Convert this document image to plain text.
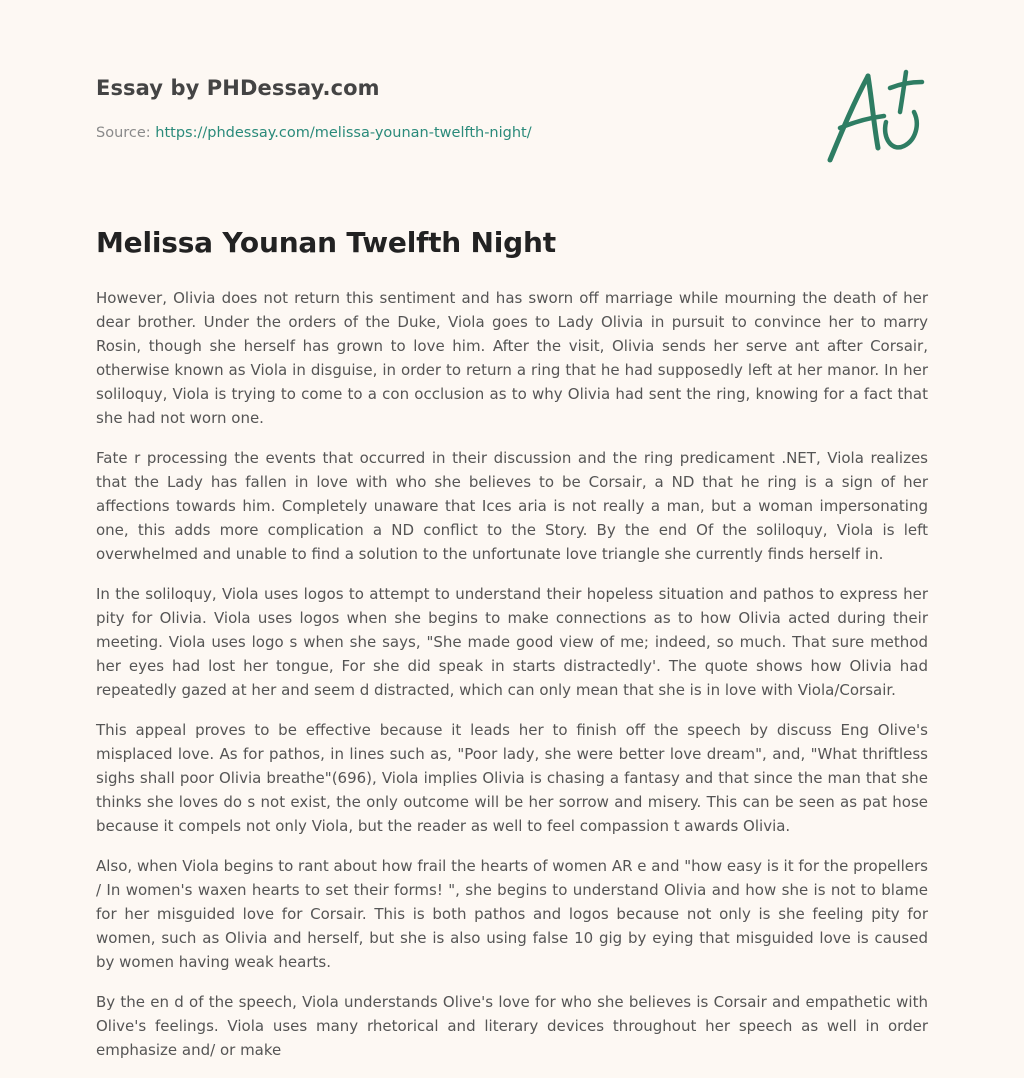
Essay by PHDessay.com
Source: https://phdessay.com/melissa-younan-twelfth-night/
Melissa Younan Twelfth Night

However, Olivia does not return this sentiment and has sworn off marriage while mourning the death of her dear brother. Under the orders of the Duke, Viola goes to Lady Olivia in pursuit to convince her to marry Rosin, though she herself has grown to love him. After the visit, Olivia sends her serve ant after Corsair, otherwise known as Viola in disguise, in order to return a ring that he had supposedly left at her manor. In her soliloquy, Viola is trying to come to a con occlusion as to why Olivia had sent the ring, knowing for a fact that she had not worn one.

Fate r processing the events that occurred in their discussion and the ring predicament .NET, Viola realizes that the Lady has fallen in love with who she believes to be Corsair, a ND that he ring is a sign of her affections towards him. Completely unaware that Ices aria is not really a man, but a woman impersonating one, this adds more complication a ND conflict to the Story. By the end Of the soliloquy, Viola is left overwhelmed and unable to find a solution to the unfortunate love triangle she currently finds herself in.

In the soliloquy, Viola uses logos to attempt to understand their hopeless situation and pathos to express her pity for Olivia. Viola uses logos when she begins to make connections as to how Olivia acted during their meeting. Viola uses logo s when she says, "She made good view of me; indeed, so much. That sure method her eyes had lost her tongue, For she did speak in starts distractedly'. The quote shows how Olivia had repeatedly gazed at her and seem d distracted, which can only mean that she is in love with Viola/Corsair.

This appeal proves to be effective because it leads her to finish off the speech by discuss Eng Olive's misplaced love. As for pathos, in lines such as, "Poor lady, she were better love dream", and, "What thriftless sighs shall poor Olivia breathe"(696), Viola implies Olivia is chasing a fantasy and that since the man that she thinks she loves do s not exist, the only outcome will be her sorrow and misery. This can be seen as pat hose because it compels not only Viola, but the reader as well to feel compassion t awards Olivia.

Also, when Viola begins to rant about how frail the hearts of women AR e and "how easy is it for the propellers / In women's waxen hearts to set their forms! ", she begins to understand Olivia and how she is not to blame for her misguided love for Corsair. This is both pathos and logos because not only is she feeling pity for women, such as Olivia and herself, but she is also using false 10 gig by eying that misguided love is caused by women having weak hearts.

By the en d of the speech, Viola understands Olive's love for who she believes is Corsair and empathetic with Olive's feelings. Viola uses many rhetorical and literary devices throughout her speech as well in order emphasize and/ or make
